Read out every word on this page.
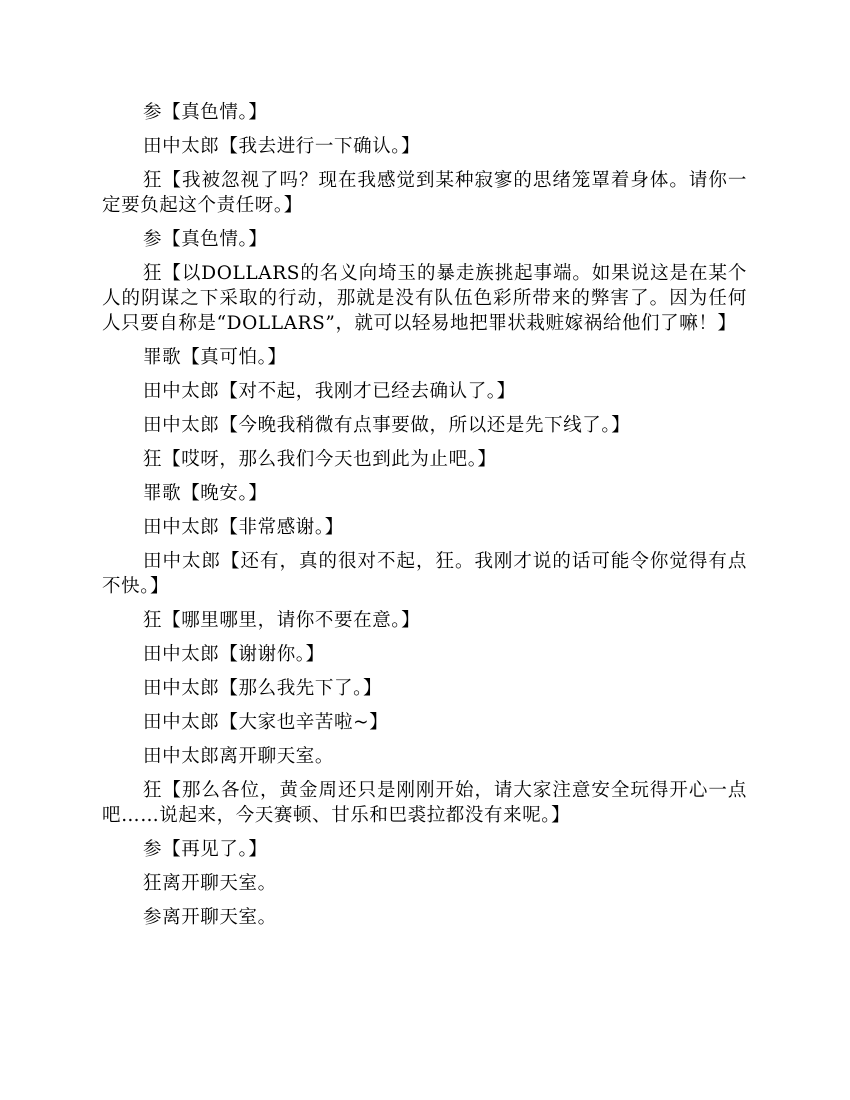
参【真色情。】

田中太郎【我去进行一下确认。】

狂【我被忽视了吗？现在我感觉到某种寂寥的思绪笼罩着身体。请你一定要负起这个责任呀。】

参【真色情。】

狂【以DOLLARS的名义向埼玉的暴走族挑起事端。如果说这是在某个人的阴谋之下采取的行动，那就是没有队伍色彩所带来的弊害了。因为任何人只要自称是“DOLLARS”，就可以轻易地把罪状栽赃嫁祸给他们了嘛！】

罪歌【真可怕。】

田中太郎【对不起，我刚才已经去确认了。】

田中太郎【今晚我稍微有点事要做，所以还是先下线了。】

狂【哎呀，那么我们今天也到此为止吧。】

罪歌【晚安。】

田中太郎【非常感谢。】

田中太郎【还有，真的很对不起，狂。我刚才说的话可能令你觉得有点不快。】

狂【哪里哪里，请你不要在意。】

田中太郎【谢谢你。】

田中太郎【那么我先下了。】

田中太郎【大家也辛苦啦~】

田中太郎离开聊天室。

狂【那么各位，黄金周还只是刚刚开始，请大家注意安全玩得开心一点吧……说起来，今天赛顿、甘乐和巴裘拉都没有来呢。】

参【再见了。】

狂离开聊天室。

参离开聊天室。
